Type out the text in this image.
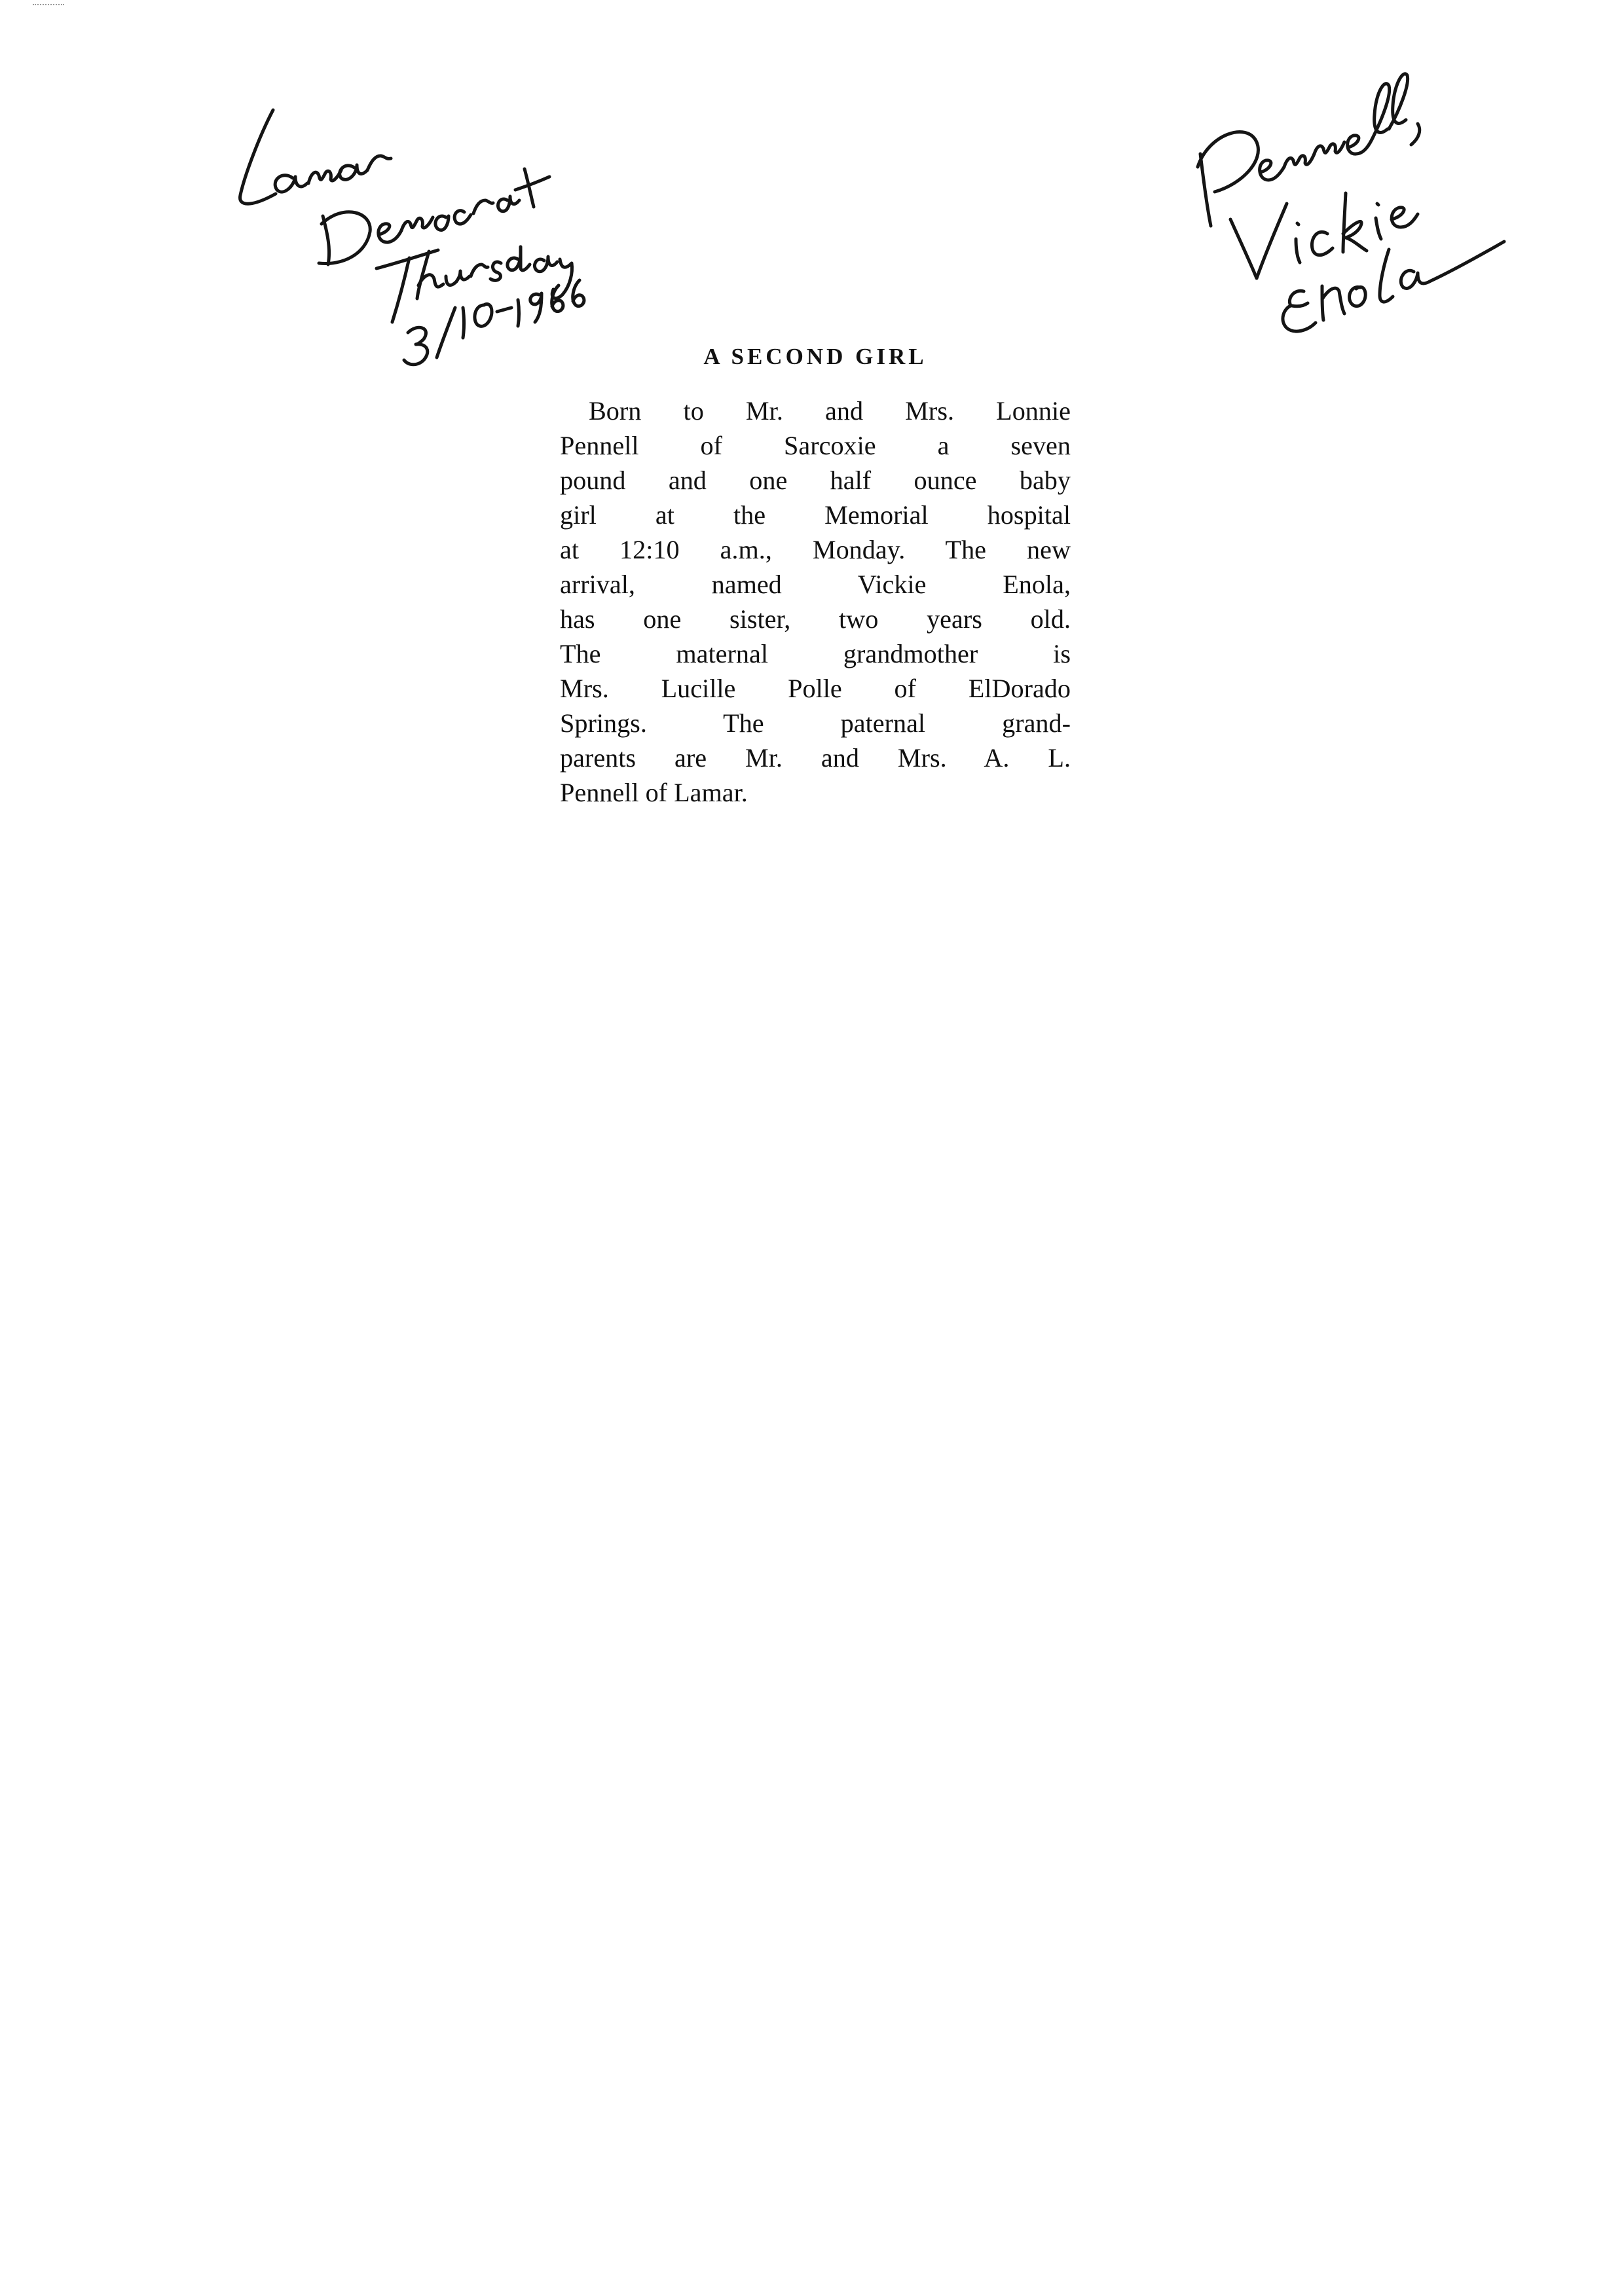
A SECOND GIRL

Born to Mr. and Mrs. Lonnie
Pennell of Sarcoxie a seven
pound and one half ounce baby
girl at the Memorial hospital
at 12:10 a.m., Monday. The new
arrival, named Vickie Enola,
has one sister, two years old.
The maternal grandmother is
Mrs. Lucille Polle of ElDorado
Springs. The paternal grand-
parents are Mr. and Mrs. A. L.
Pennell of Lamar.
